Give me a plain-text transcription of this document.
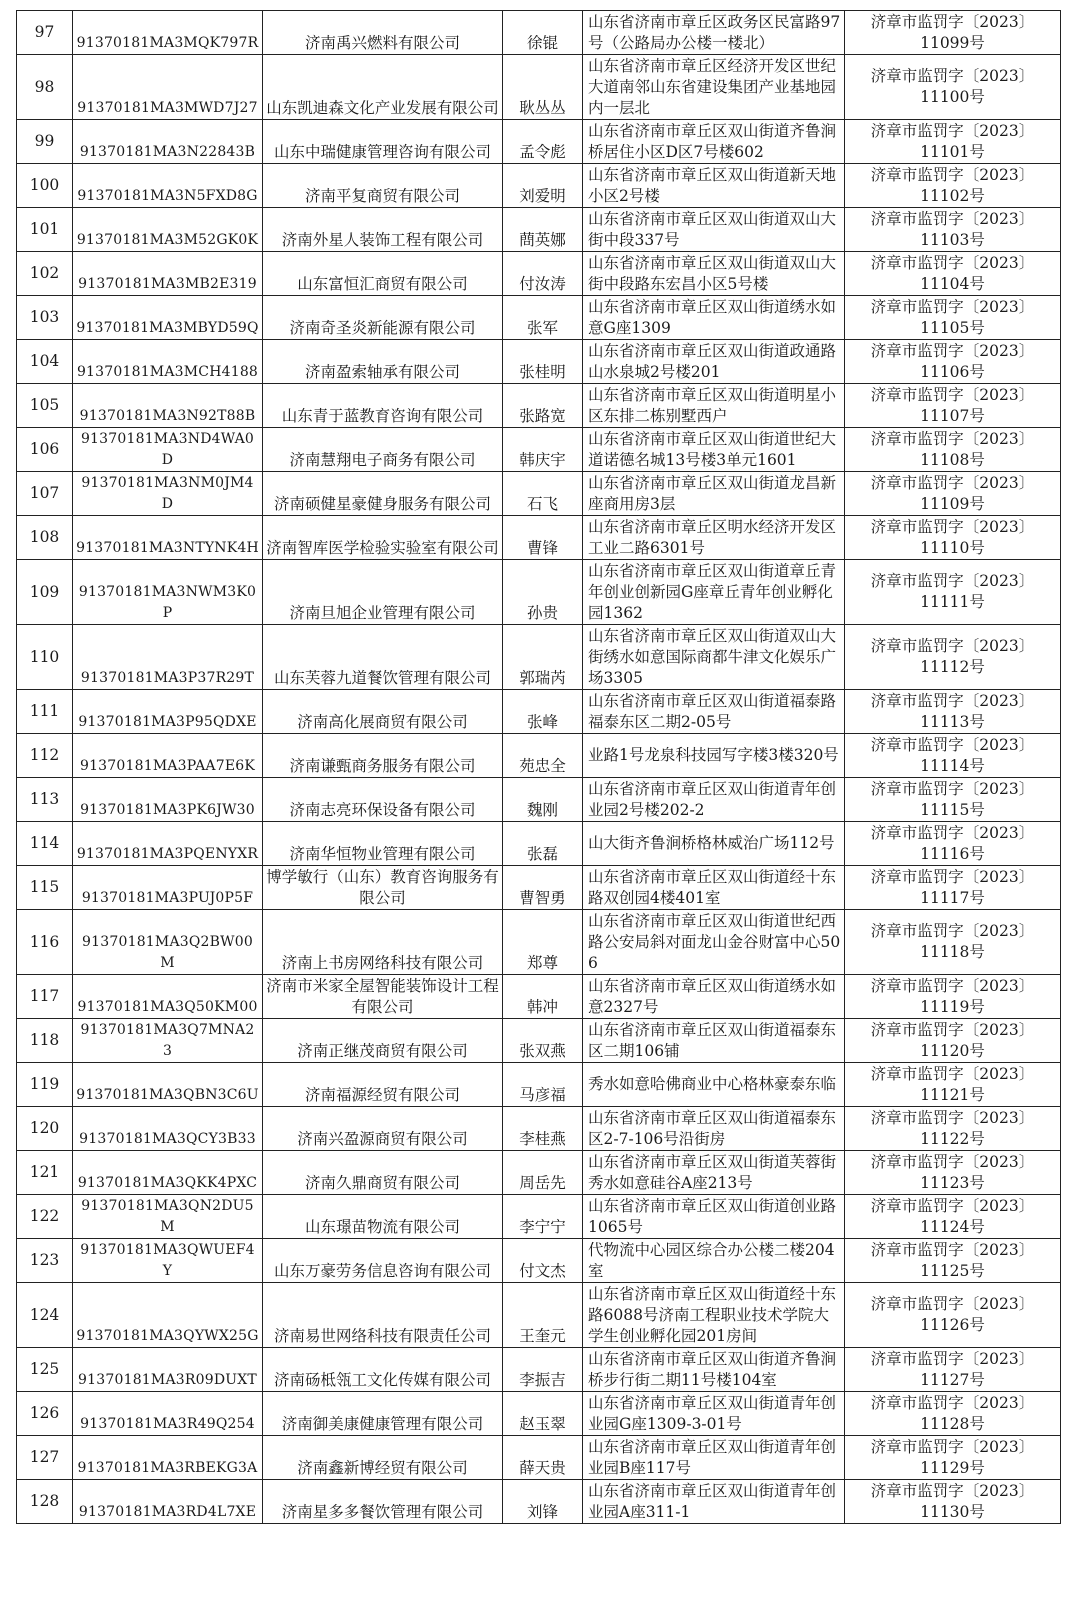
97	91370181MA3MQK797R	济南禹兴燃料有限公司	徐锟	山东省济南市章丘区政务区民富路97号（公路局办公楼一楼北）	济章市监罚字〔2023〕
11099号

98	91370181MA3MWD7J27	山东凯迪森文化产业发展有限公司	耿丛丛	山东省济南市章丘区经济开发区世纪大道南邻山东省建设集团产业基地园内一层北	济章市监罚字〔2023〕
11100号

99	91370181MA3N22843B	山东中瑞健康管理咨询有限公司	孟令彪	山东省济南市章丘区双山街道齐鲁涧桥居住小区D区7号楼602	济章市监罚字〔2023〕
11101号

100	91370181MA3N5FXD8G	济南平复商贸有限公司	刘爱明	山东省济南市章丘区双山街道新天地小区2号楼	济章市监罚字〔2023〕
11102号

101	91370181MA3M52GK0K	济南外星人装饰工程有限公司	蔄英娜	山东省济南市章丘区双山街道双山大街中段337号	济章市监罚字〔2023〕
11103号

102	91370181MA3MB2E319	山东富恒汇商贸有限公司	付汝涛	山东省济南市章丘区双山街道双山大街中段路东宏昌小区5号楼	济章市监罚字〔2023〕
11104号

103	91370181MA3MBYD59Q	济南奇圣炎新能源有限公司	张军	山东省济南市章丘区双山街道绣水如意G座1309	济章市监罚字〔2023〕
11105号

104	91370181MA3MCH4188	济南盈索轴承有限公司	张桂明	山东省济南市章丘区双山街道政通路山水泉城2号楼201	济章市监罚字〔2023〕
11106号

105	91370181MA3N92T88B	山东青于蓝教育咨询有限公司	张路宽	山东省济南市章丘区双山街道明星小区东排二栋别墅西户	济章市监罚字〔2023〕
11107号

106	91370181MA3ND4WA0D	济南慧翔电子商务有限公司	韩庆宇	山东省济南市章丘区双山街道世纪大道诺德名城13号楼3单元1601	济章市监罚字〔2023〕
11108号

107	91370181MA3NM0JM4D	济南硕健星豪健身服务有限公司	石飞	山东省济南市章丘区双山街道龙昌新座商用房3层	济章市监罚字〔2023〕
11109号

108	91370181MA3NTYNK4H	济南智库医学检验实验室有限公司	曹锋	山东省济南市章丘区明水经济开发区工业二路6301号	济章市监罚字〔2023〕
11110号

109	91370181MA3NWM3K0P	济南旦旭企业管理有限公司	孙贵	山东省济南市章丘区双山街道章丘青年创业创新园G座章丘青年创业孵化园1362	济章市监罚字〔2023〕
11111号

110	91370181MA3P37R29T	山东芙蓉九道餐饮管理有限公司	郭瑞芮	山东省济南市章丘区双山街道双山大街绣水如意国际商都牛津文化娱乐广场3305	济章市监罚字〔2023〕
11112号

111	91370181MA3P95QDXE	济南高化展商贸有限公司	张峰	山东省济南市章丘区双山街道福泰路福泰东区二期2-05号	济章市监罚字〔2023〕
11113号

112	91370181MA3PAA7E6K	济南谦甄商务服务有限公司	苑忠全	业路1号龙泉科技园写字楼3楼320号	济章市监罚字〔2023〕
11114号

113	91370181MA3PK6JW30	济南志亮环保设备有限公司	魏刚	山东省济南市章丘区双山街道青年创业园2号楼202-2	济章市监罚字〔2023〕
11115号

114	91370181MA3PQENYXR	济南华恒物业管理有限公司	张磊	山大街齐鲁涧桥格林威治广场112号	济章市监罚字〔2023〕
11116号

115	91370181MA3PUJ0P5F	博学敏行（山东）教育咨询服务有限公司	曹智勇	山东省济南市章丘区双山街道经十东路双创园4楼401室	济章市监罚字〔2023〕
11117号

116	91370181MA3Q2BW00M	济南上书房网络科技有限公司	郑尊	山东省济南市章丘区双山街道世纪西路公安局斜对面龙山金谷财富中心506	济章市监罚字〔2023〕
11118号

117	91370181MA3Q50KM00	济南市米家全屋智能装饰设计工程有限公司	韩冲	山东省济南市章丘区双山街道绣水如意2327号	济章市监罚字〔2023〕
11119号

118	91370181MA3Q7MNA23	济南正继茂商贸有限公司	张双燕	山东省济南市章丘区双山街道福泰东区二期106铺	济章市监罚字〔2023〕
11120号

119	91370181MA3QBN3C6U	济南福源经贸有限公司	马彦福	秀水如意哈佛商业中心格林豪泰东临	济章市监罚字〔2023〕
11121号

120	91370181MA3QCY3B33	济南兴盈源商贸有限公司	李桂燕	山东省济南市章丘区双山街道福泰东区2-7-106号沿街房	济章市监罚字〔2023〕
11122号

121	91370181MA3QKK4PXC	济南久鼎商贸有限公司	周岳先	山东省济南市章丘区双山街道芙蓉街秀水如意硅谷A座213号	济章市监罚字〔2023〕
11123号

122	91370181MA3QN2DU5M	山东璟苗物流有限公司	李宁宁	山东省济南市章丘区双山街道创业路1065号	济章市监罚字〔2023〕
11124号

123	91370181MA3QWUEF4Y	山东万豪劳务信息咨询有限公司	付文杰	代物流中心园区综合办公楼二楼204室	济章市监罚字〔2023〕
11125号

124	91370181MA3QYWX25G	济南易世网络科技有限责任公司	王奎元	山东省济南市章丘区双山街道经十东路6088号济南工程职业技术学院大学生创业孵化园201房间	济章市监罚字〔2023〕
11126号

125	91370181MA3R09DUXT	济南砀柢瓴工文化传媒有限公司	李振吉	山东省济南市章丘区双山街道齐鲁涧桥步行街二期11号楼104室	济章市监罚字〔2023〕
11127号

126	91370181MA3R49Q254	济南御美康健康管理有限公司	赵玉翠	山东省济南市章丘区双山街道青年创业园G座1309-3-01号	济章市监罚字〔2023〕
11128号

127	91370181MA3RBEKG3A	济南鑫新博经贸有限公司	薛天贵	山东省济南市章丘区双山街道青年创业园B座117号	济章市监罚字〔2023〕
11129号

128	91370181MA3RD4L7XE	济南星多多餐饮管理有限公司	刘锋	山东省济南市章丘区双山街道青年创业园A座311-1	济章市监罚字〔2023〕
11130号
